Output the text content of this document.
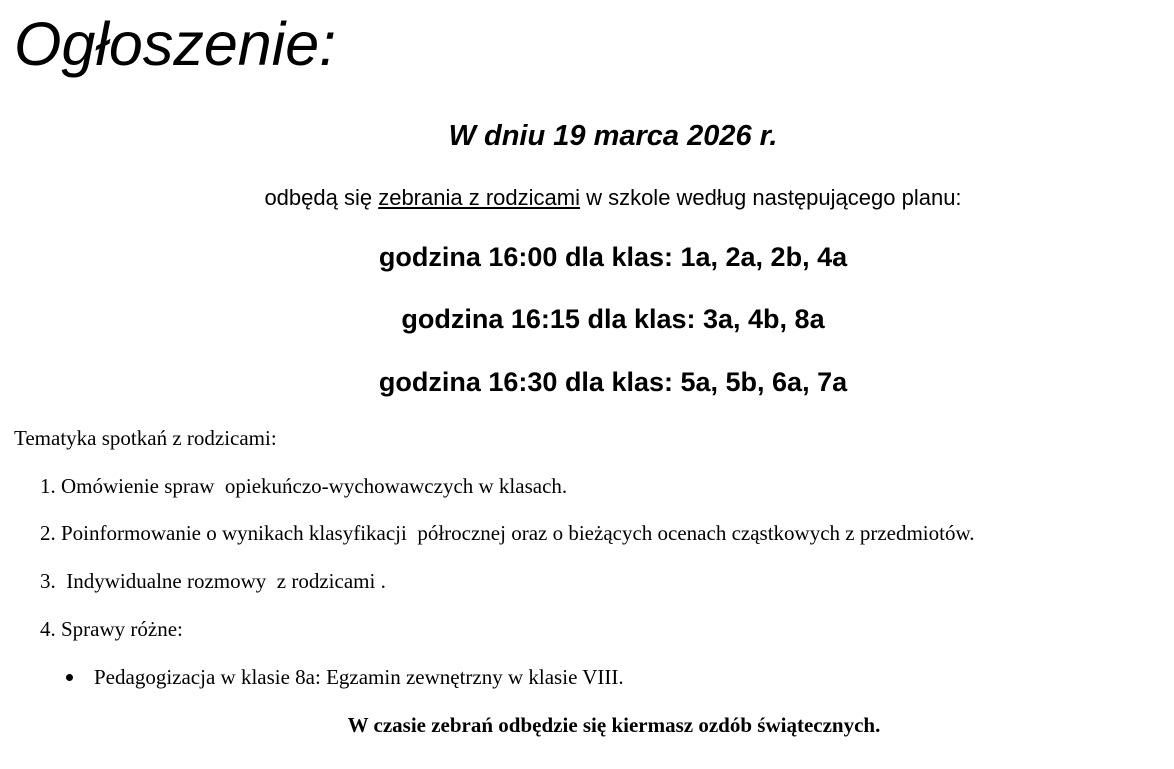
Ogłoszenie:
W dniu 19 marca 2026 r.
odbędą się zebrania z rodzicami w szkole według następującego planu:
godzina 16:00 dla klas: 1a, 2a, 2b, 4a
godzina 16:15 dla klas: 3a, 4b, 8a
godzina 16:30 dla klas: 5a, 5b, 6a, 7a
Tematyka spotkań z rodzicami:
1. Omówienie spraw  opiekuńczo-wychowawczych w klasach.
2. Poinformowanie o wynikach klasyfikacji  półrocznej oraz o bieżących ocenach cząstkowych z przedmiotów.
3.  Indywidualne rozmowy  z rodzicami .
4. Sprawy różne:
Pedagogizacja w klasie 8a: Egzamin zewnętrzny w klasie VIII.
W czasie zebrań odbędzie się kiermasz ozdób świątecznych.
